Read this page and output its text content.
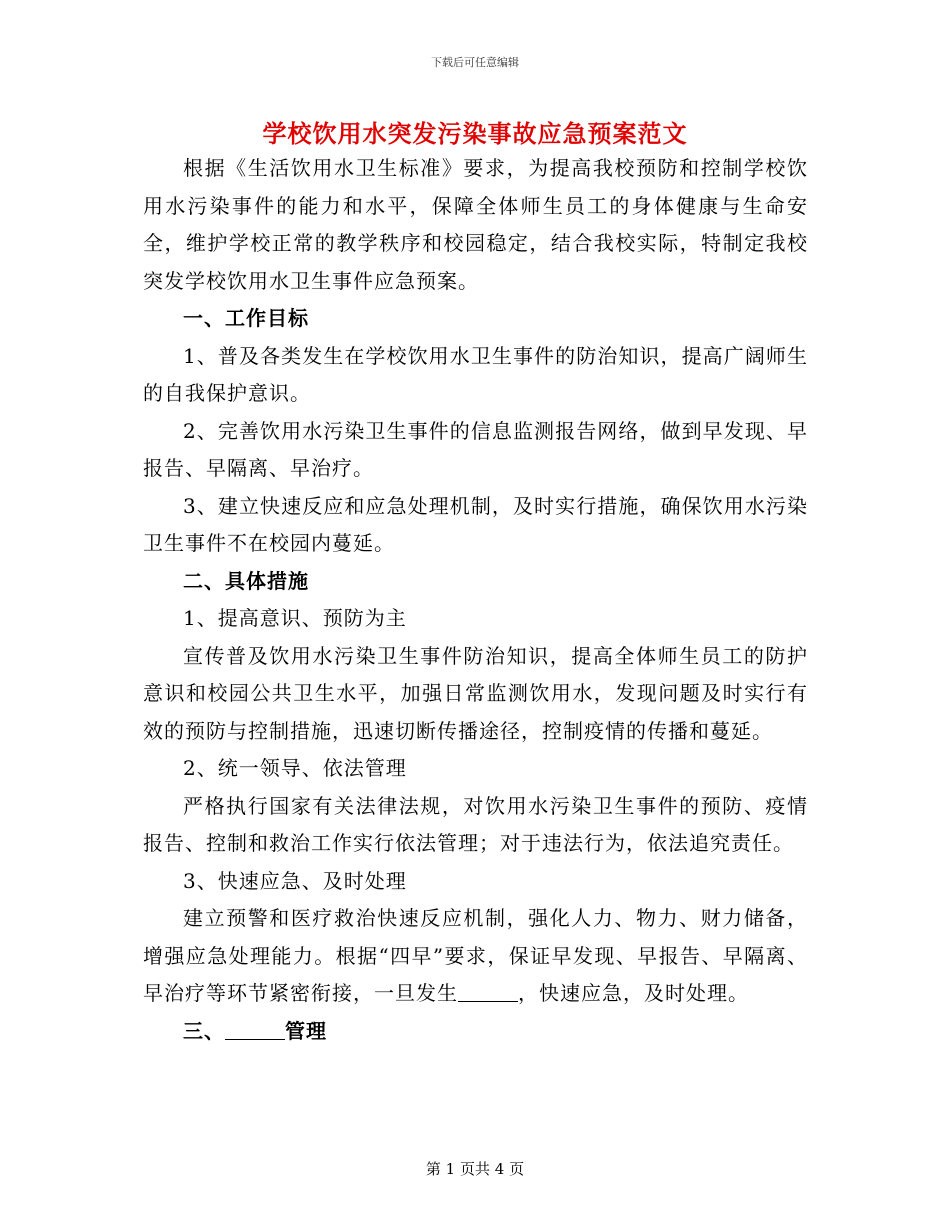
下载后可任意编辑
学校饮用水突发污染事故应急预案范文

根据《生活饮用水卫生标准》要求，为提高我校预防和控制学校饮用水污染事件的能力和水平，保障全体师生员工的身体健康与生命安全，维护学校正常的教学秩序和校园稳定，结合我校实际，特制定我校突发学校饮用水卫生事件应急预案。

一、工作目标

1、普及各类发生在学校饮用水卫生事件的防治知识，提高广阔师生的自我保护意识。

2、完善饮用水污染卫生事件的信息监测报告网络，做到早发现、早报告、早隔离、早治疗。

3、建立快速反应和应急处理机制，及时实行措施，确保饮用水污染卫生事件不在校园内蔓延。

二、具体措施

1、提高意识、预防为主

宣传普及饮用水污染卫生事件防治知识，提高全体师生员工的防护意识和校园公共卫生水平，加强日常监测饮用水，发现问题及时实行有效的预防与控制措施，迅速切断传播途径，控制疫情的传播和蔓延。

2、统一领导、依法管理

严格执行国家有关法律法规，对饮用水污染卫生事件的预防、疫情报告、控制和救治工作实行依法管理；对于违法行为，依法追究责任。

3、快速应急、及时处理

建立预警和医疗救治快速反应机制，强化人力、物力、财力储备，增强应急处理能力。根据“四早”要求，保证早发现、早报告、早隔离、早治疗等环节紧密衔接，一旦发生	，快速应急，及时处理。

三、	管理

第 1 页共 4 页
